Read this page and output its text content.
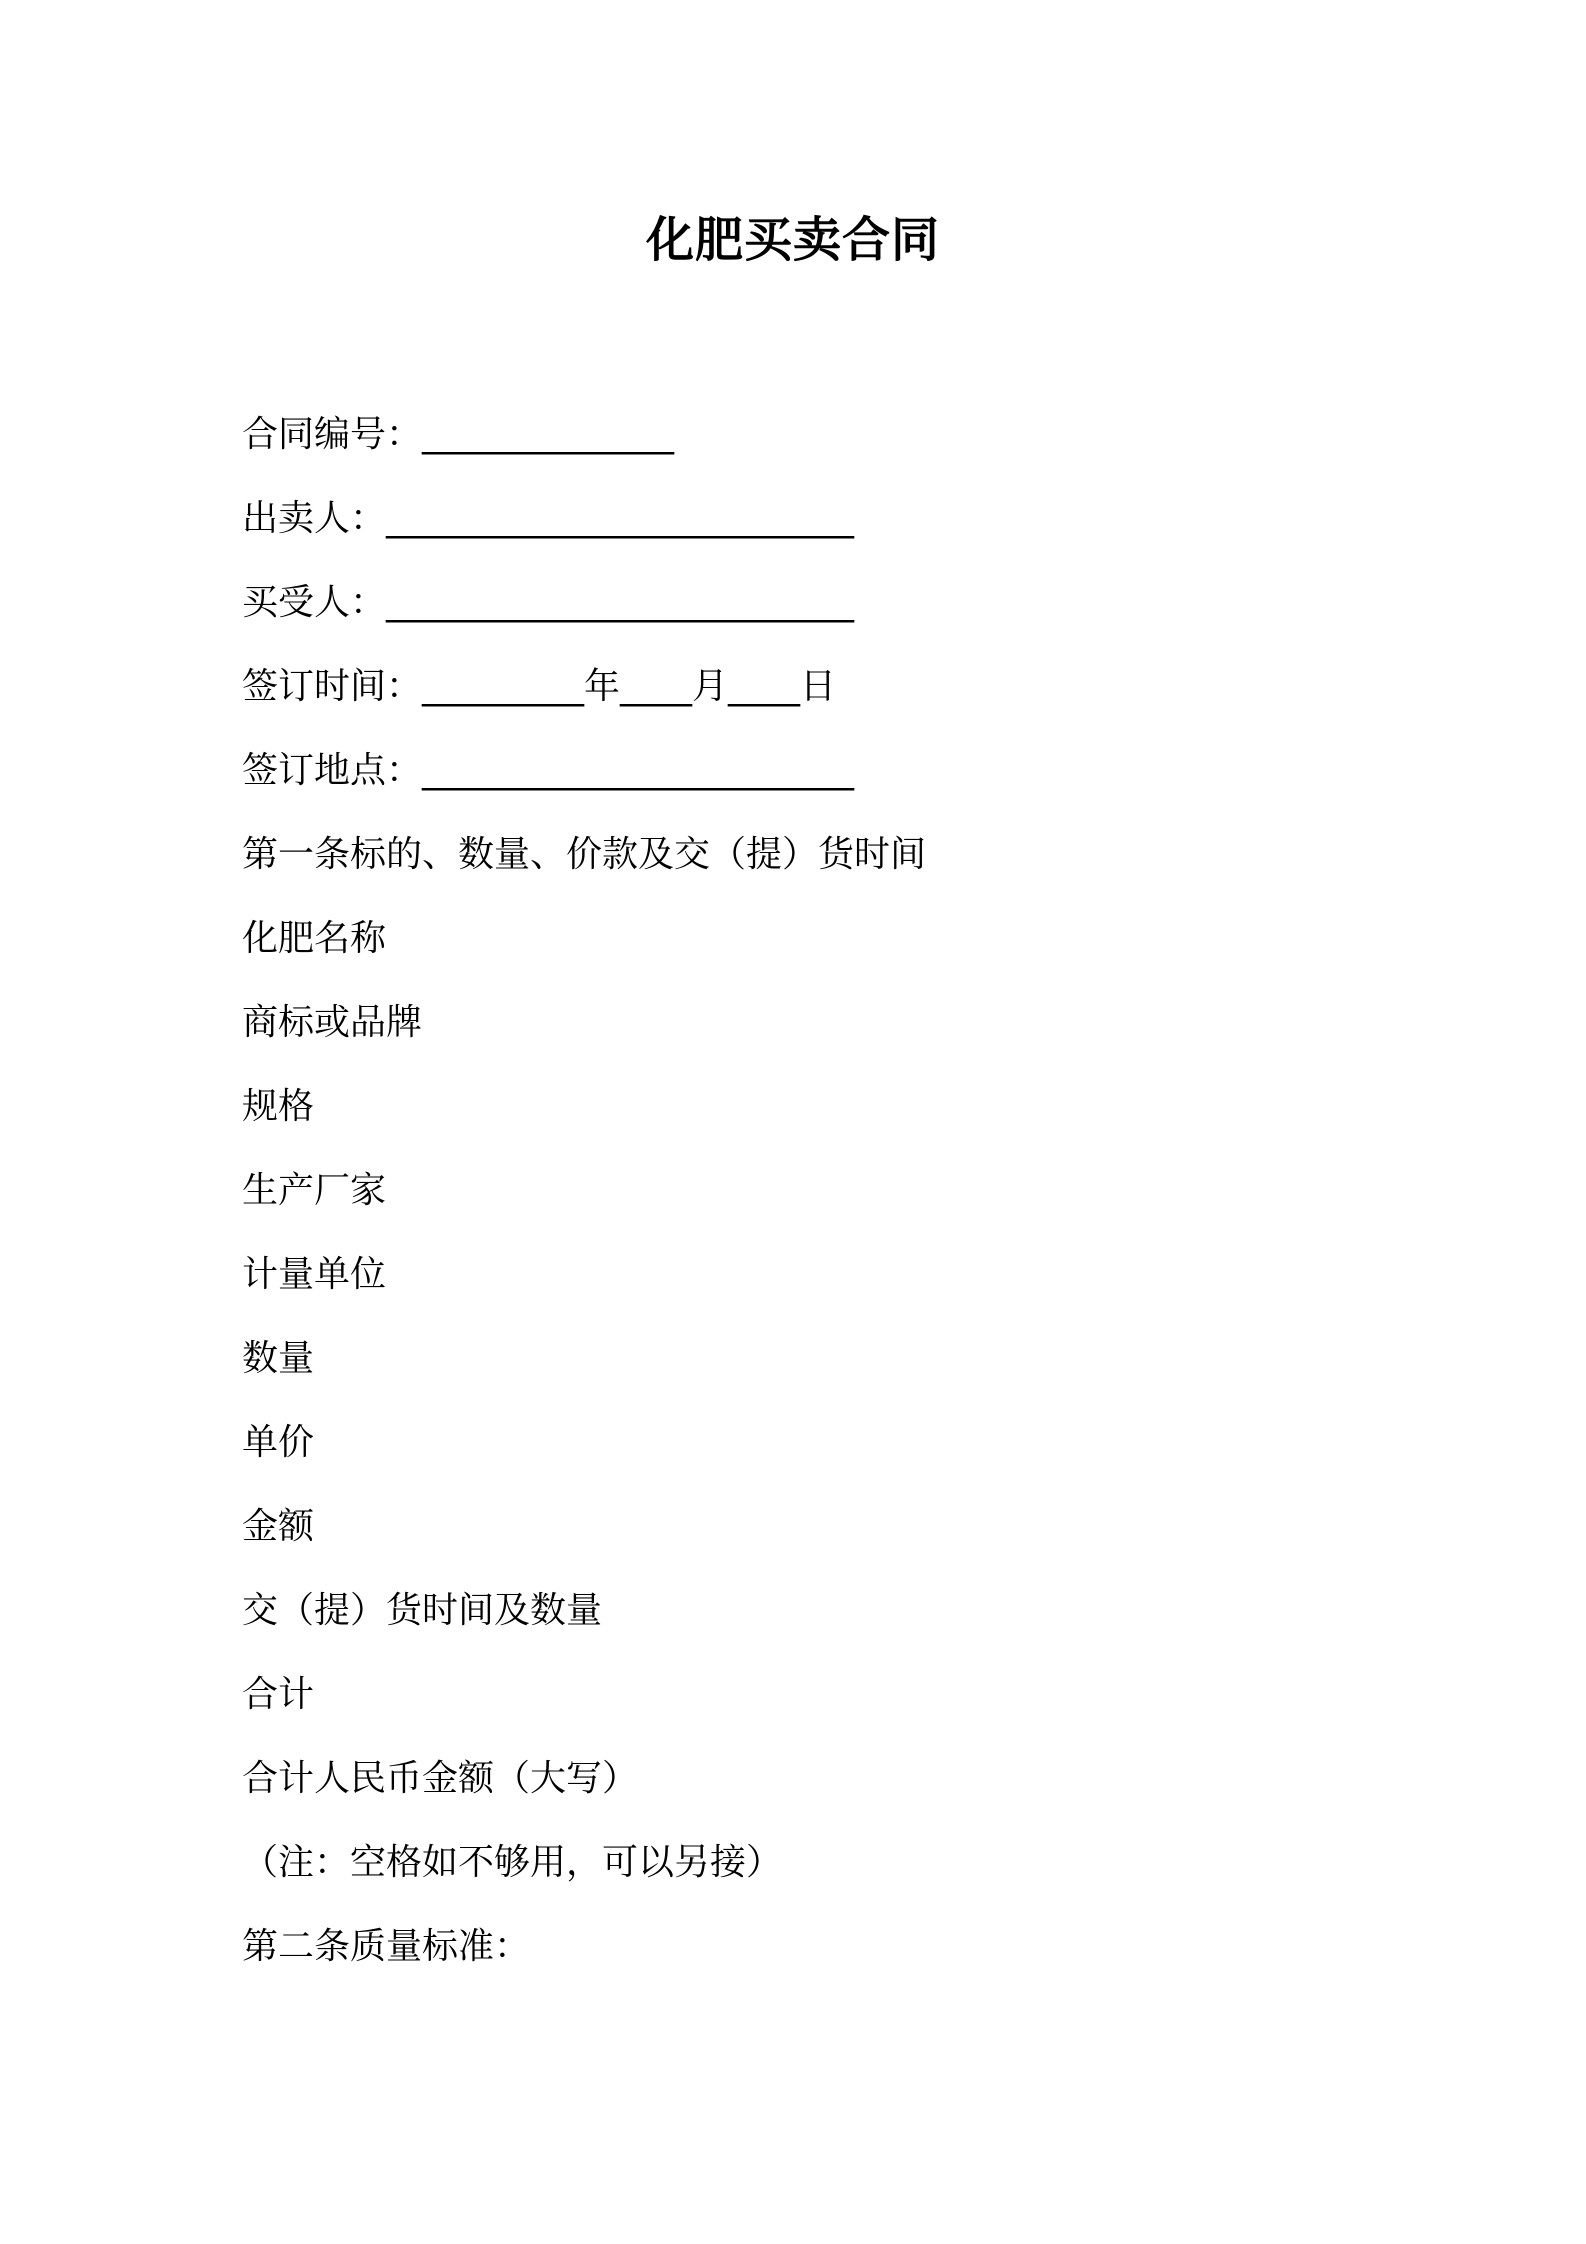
化肥买卖合同
合同编号：______________
出卖人：__________________________
买受人：__________________________
签订时间：_________年____月____日
签订地点：________________________
第一条标的、数量、价款及交（提）货时间
化肥名称
商标或品牌
规格
生产厂家
计量单位
数量
单价
金额
交（提）货时间及数量
合计
合计人民币金额（大写）
（注：空格如不够用，可以另接）
第二条质量标准：
